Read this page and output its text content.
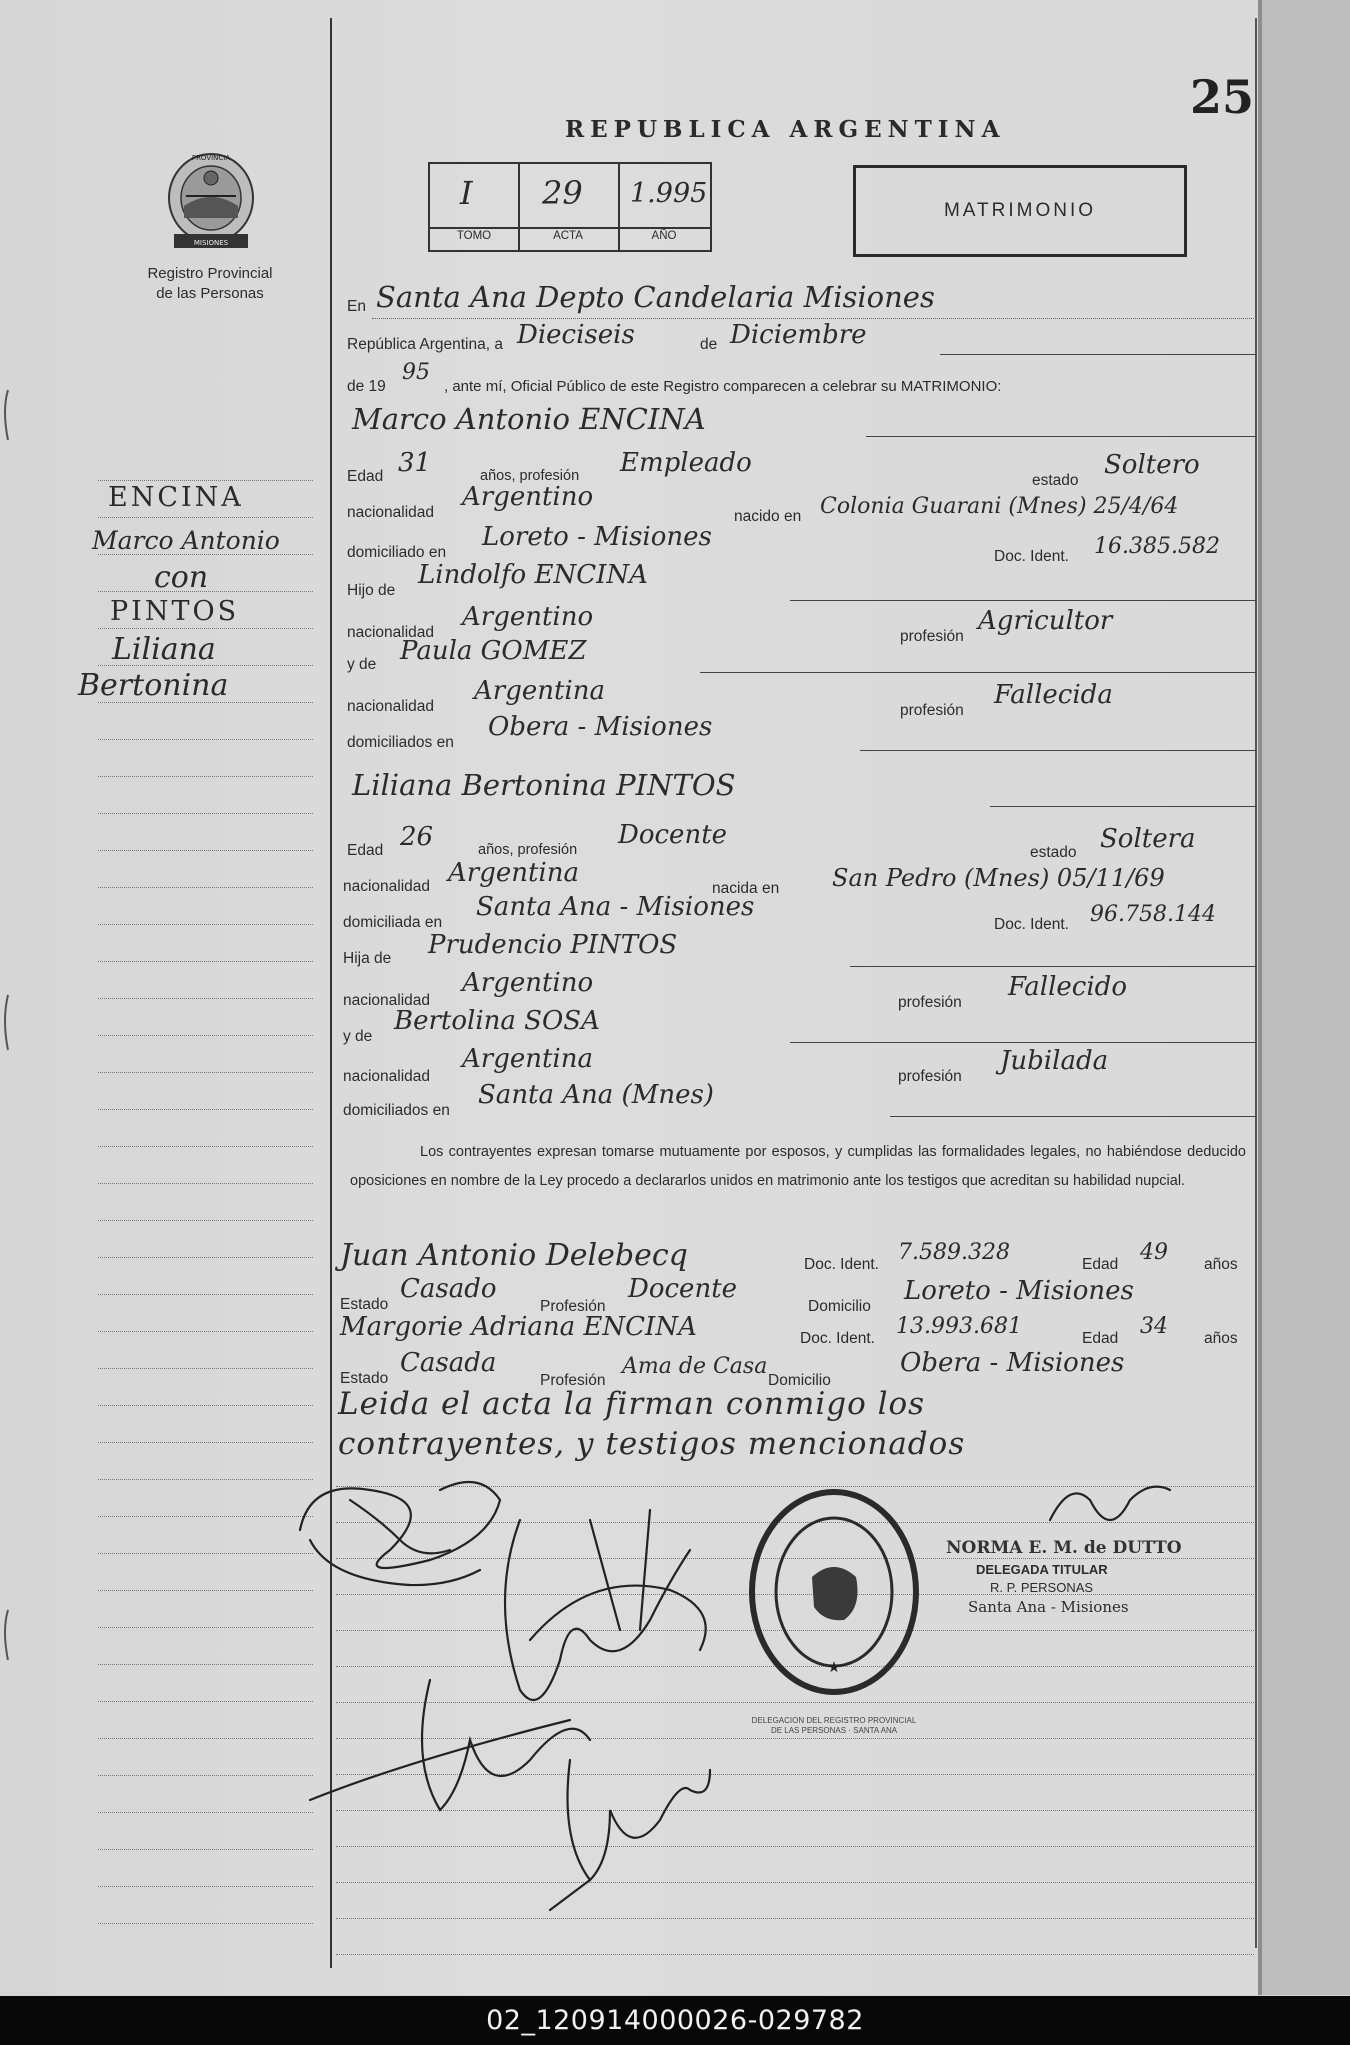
25
PROVINCIA
MISIONES
Registro Provincial
de las Personas
ENCINA
Marco Antonio
con
PINTOS
Liliana
Bertonina
REPUBLICA ARGENTINA
I 29 1.995
TOMO	ACTA	AÑO
MATRIMONIO
En Santa Ana Depto Candelaria Misiones
República Argentina, a Dieciseis	de Diciembre
de 19
95
, ante mí, Oficial Público de este Registro comparecen a celebrar su MATRIMONIO:
Marco Antonio ENCINA
Edad 31	años, profesión Empleado
estado
Soltero
nacionalidad
Argentino
nacido en Colonia Guarani (Mnes) 25/4/64
domiciliado en
Loreto - Misiones
Doc. Ident. 16.385.582
Hijo de
Lindolfo ENCINA
nacionalidad
Argentino
profesión
Agricultor
y de Paula GOMEZ
nacionalidad
Argentina
profesión
Fallecida
domiciliados en
Obera - Misiones
Liliana Bertonina PINTOS
Edad 26	años, profesión Docente
estado Soltera
nacionalidad Argentina
nacida en San Pedro (Mnes) 05/11/69
domiciliada en
Santa Ana - Misiones
Doc. Ident. 96.758.144
Hija de Prudencio PINTOS
nacionalidad
Argentino
profesión
Fallecido
y de
Bertolina SOSA
nacionalidad
Argentina
profesión
Jubilada
domiciliados en
Santa Ana (Mnes)
Los contrayentes expresan tomarse mutuamente por esposos, y cumplidas las formalidades legales, no habiéndose deducido oposiciones en nombre de la Ley procedo a declararlos unidos en matrimonio ante los testigos que acreditan su habilidad nupcial.
Juan Antonio Delebecq	Doc. Ident. 7.589.328	Edad 49 años
Estado
Casado
Profesión
Docente
Domicilio
Loreto - Misiones
Margorie Adriana ENCINA	Doc. Ident. 13.993.681	Edad 34 años
Estado
Casada
Profesión
Ama de Casa
Domicilio
Obera - Misiones
Leida el acta la firman conmigo los
contrayentes, y testigos mencionados
★
DELEGACION DEL REGISTRO PROVINCIAL DE LAS PERSONAS · SANTA ANA
NORMA E. M. de DUTTO
DELEGADA TITULAR
R. P. PERSONAS
Santa Ana - Misiones
02_120914000026-029782
